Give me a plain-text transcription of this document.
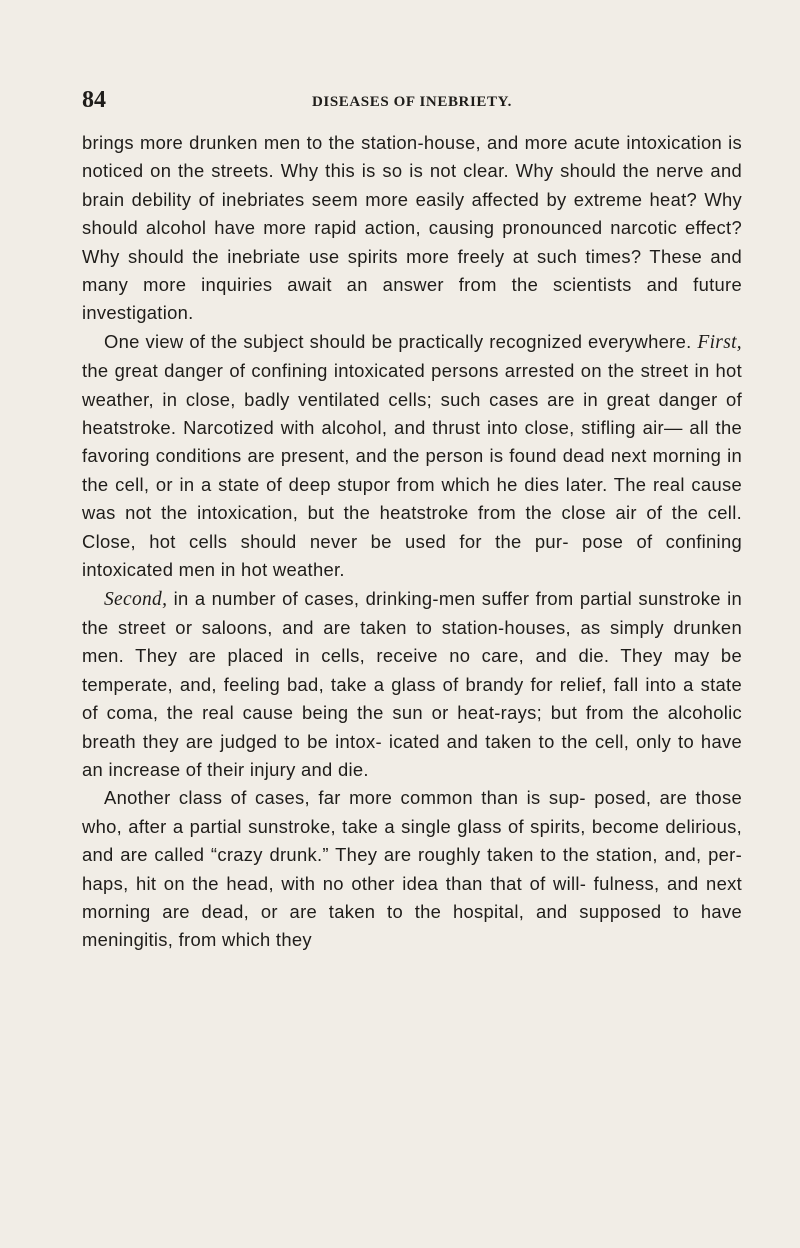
84	DISEASES OF INEBRIETY.

brings more drunken men to the station-house, and more acute intoxication is noticed on the streets. Why this is so is not clear. Why should the nerve and brain debility of inebriates seem more easily affected by extreme heat? Why should alcohol have more rapid action, causing pronounced narcotic effect? Why should the inebriate use spirits more freely at such times? These and many more inquiries await an answer from the scientists and future investigation.

One view of the subject should be practically recognized everywhere. First, the great danger of confining intoxicated persons arrested on the street in hot weather, in close, badly ventilated cells; such cases are in great danger of heatstroke. Narcotized with alcohol, and thrust into close, stifling air— all the favoring conditions are present, and the person is found dead next morning in the cell, or in a state of deep stupor from which he dies later. The real cause was not the intoxication, but the heatstroke from the close air of the cell. Close, hot cells should never be used for the pur- pose of confining intoxicated men in hot weather.

Second, in a number of cases, drinking-men suffer from partial sunstroke in the street or saloons, and are taken to station-houses, as simply drunken men. They are placed in cells, receive no care, and die. They may be temperate, and, feeling bad, take a glass of brandy for relief, fall into a state of coma, the real cause being the sun or heat-rays; but from the alcoholic breath they are judged to be intox- icated and taken to the cell, only to have an increase of their injury and die.

Another class of cases, far more common than is sup- posed, are those who, after a partial sunstroke, take a single glass of spirits, become delirious, and are called “crazy drunk.” They are roughly taken to the station, and, per- haps, hit on the head, with no other idea than that of will- fulness, and next morning are dead, or are taken to the hospital, and supposed to have meningitis, from which they
